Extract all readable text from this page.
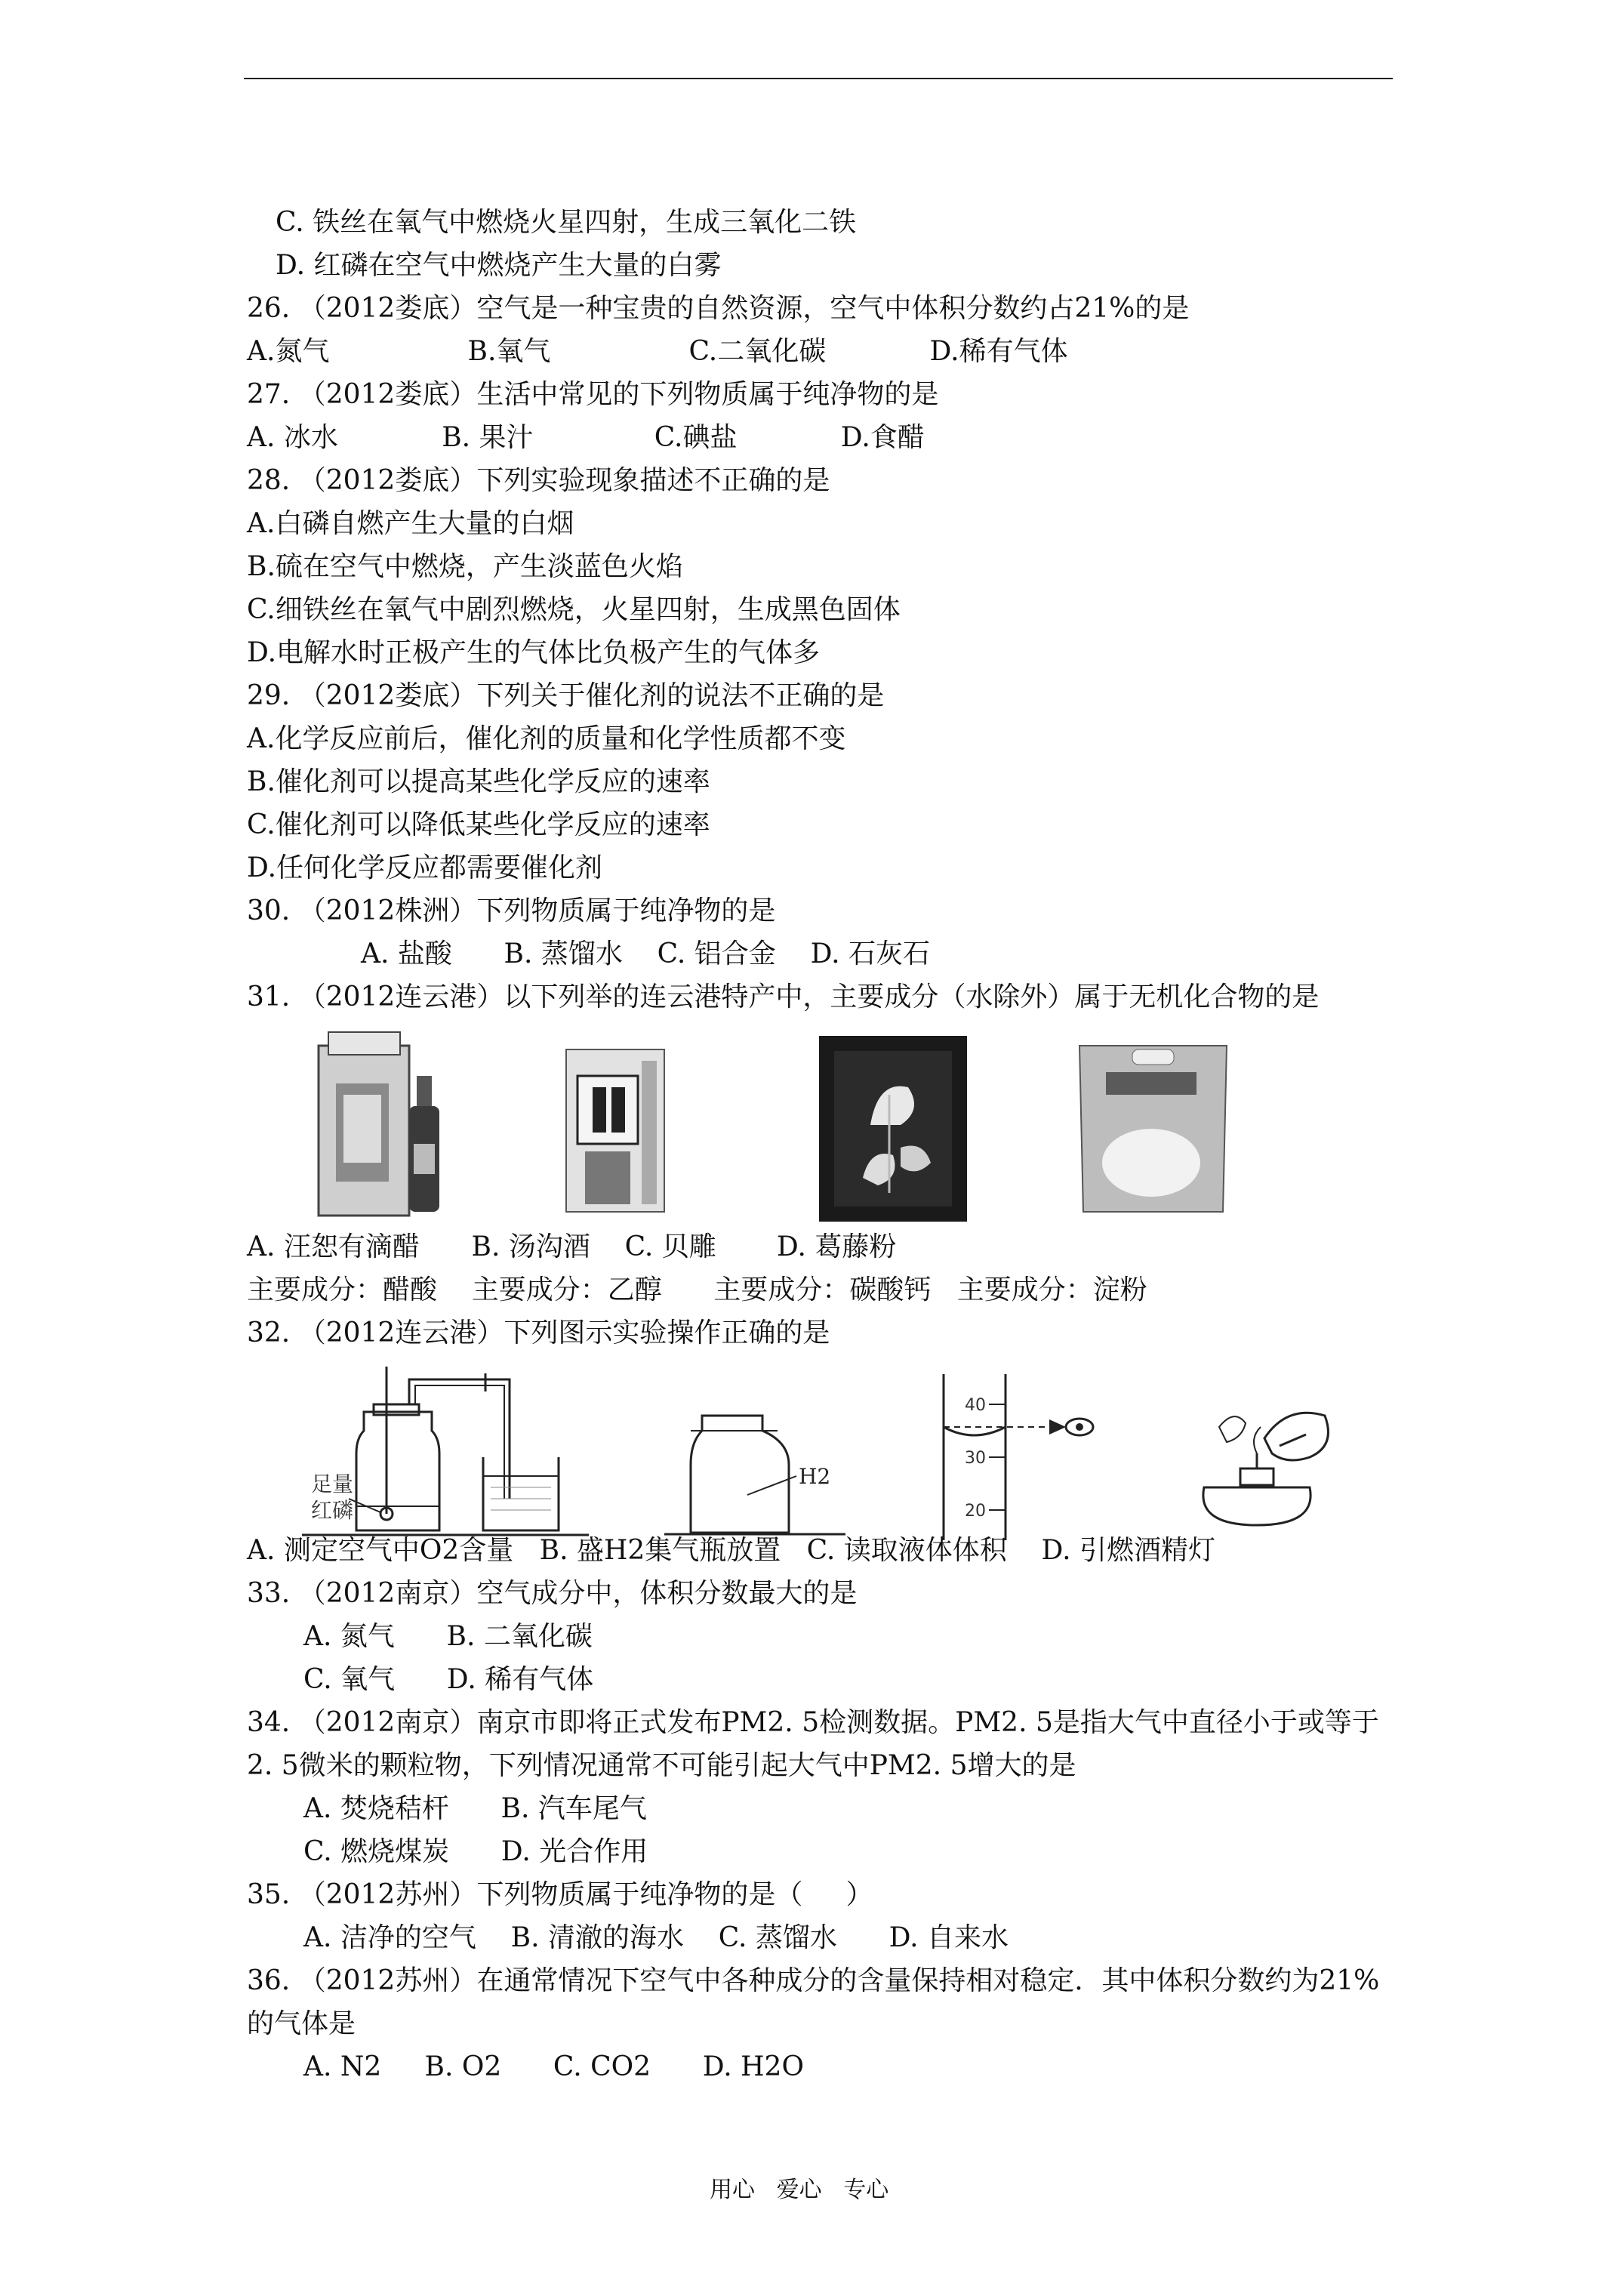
C. 铁丝在氧气中燃烧火星四射，生成三氧化二铁
D. 红磷在空气中燃烧产生大量的白雾
26. （2012娄底）空气是一种宝贵的自然资源，空气中体积分数约占21%的是
A.氮气                B.氧气                C.二氧化碳            D.稀有气体
27. （2012娄底）生活中常见的下列物质属于纯净物的是
A. 冰水            B. 果汁              C.碘盐            D.食醋
28. （2012娄底）下列实验现象描述不正确的是
A.白磷自燃产生大量的白烟
B.硫在空气中燃烧，产生淡蓝色火焰
C.细铁丝在氧气中剧烈燃烧，火星四射，生成黑色固体
D.电解水时正极产生的气体比负极产生的气体多
29. （2012娄底）下列关于催化剂的说法不正确的是
A.化学反应前后，催化剂的质量和化学性质都不变
B.催化剂可以提高某些化学反应的速率
C.催化剂可以降低某些化学反应的速率
D.任何化学反应都需要催化剂
30. （2012株洲）下列物质属于纯净物的是
A. 盐酸      B. 蒸馏水    C. 铝合金    D. 石灰石
31. （2012连云港）以下列举的连云港特产中，主要成分（水除外）属于无机化合物的是
A. 汪恕有滴醋      B. 汤沟酒    C. 贝雕       D. 葛藤粉
主要成分：醋酸    主要成分：乙醇      主要成分：碳酸钙   主要成分：淀粉
32. （2012连云港）下列图示实验操作正确的是
足量
红磷
H2
40
30
20
A. 测定空气中O2含量   B. 盛H2集气瓶放置   C. 读取液体体积    D. 引燃酒精灯
33. （2012南京）空气成分中，体积分数最大的是
A. 氮气      B. 二氧化碳
C. 氧气      D. 稀有气体
34. （2012南京）南京市即将正式发布PM2. 5检测数据。PM2. 5是指大气中直径小于或等于
2. 5微米的颗粒物，下列情况通常不可能引起大气中PM2. 5增大的是
A. 焚烧秸杆      B. 汽车尾气
C. 燃烧煤炭      D. 光合作用
35. （2012苏州）下列物质属于纯净物的是（     ）
A. 洁净的空气    B. 清澈的海水    C. 蒸馏水      D. 自来水
36. （2012苏州）在通常情况下空气中各种成分的含量保持相对稳定．其中体积分数约为21%
的气体是
A. N2     B. O2      C. CO2      D. H2O
用心   爱心   专心
